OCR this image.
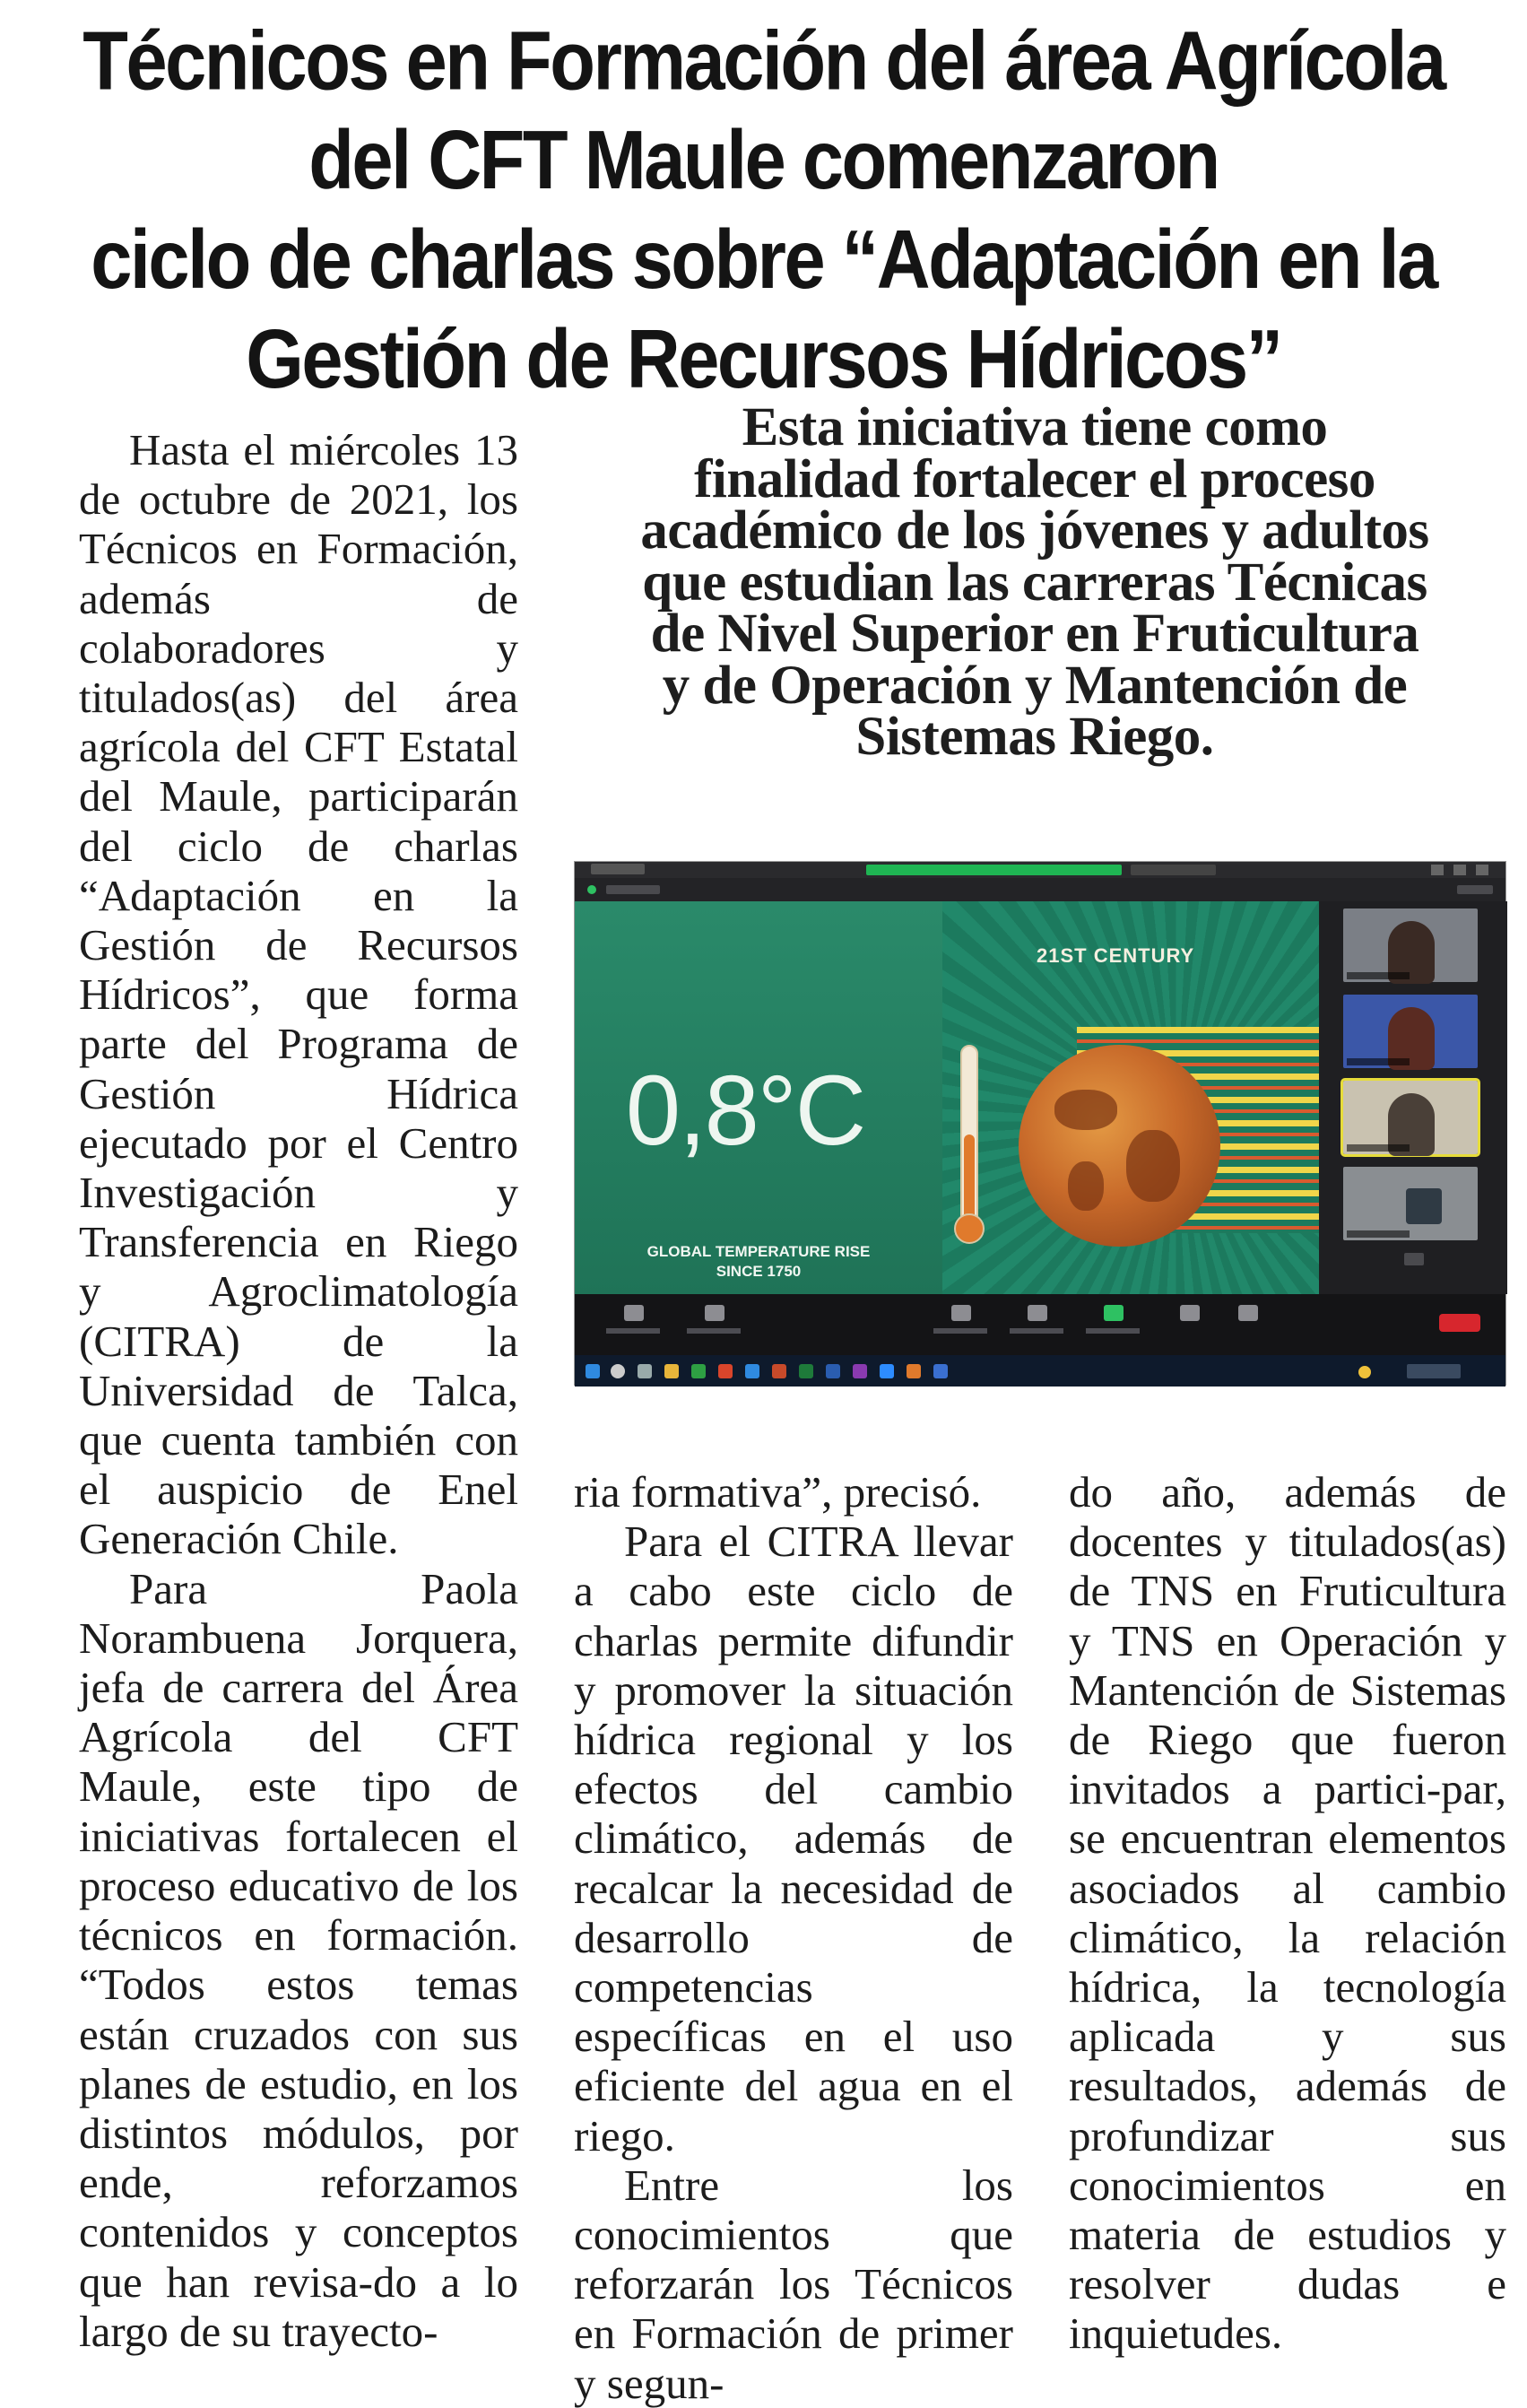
Técnicos en Formación del área Agrícola
del CFT Maule comenzaron
ciclo de charlas sobre “Adaptación en la
Gestión de Recursos Hídricos”

Hasta el miércoles 13 de octubre de 2021, los Técnicos en Formación, además de colaboradores y titulados(as) del área agrícola del CFT Estatal del Maule, participarán del ciclo de charlas “Adaptación en la Gestión de Recursos Hídricos”, que forma parte del Programa de Gestión Hídrica ejecutado por el Centro Investigación y Transferencia en Riego y Agroclimatología (CITRA) de la Universidad de Talca, que cuenta también con el auspicio de Enel Generación Chile.

Para Paola Norambuena Jorquera, jefa de carrera del Área Agrícola del CFT Maule, este tipo de iniciativas fortalecen el proceso educativo de los técnicos en formación. “Todos estos temas están cruzados con sus planes de estudio, en los distintos módulos, por ende, reforzamos contenidos y conceptos que han revisa-do a lo largo de su trayecto-

Esta iniciativa tiene como
finalidad fortalecer el proceso
académico de los jóvenes y adultos
que estudian las carreras Técnicas
de Nivel Superior en Fruticultura
y de Operación y Mantención de
Sistemas Riego.
0,8°C
GLOBAL TEMPERATURE RISE
SINCE 1750
21ST CENTURY

ria formativa”, precisó.

Para el CITRA llevar a cabo este ciclo de charlas permite difundir y promover la situación hídrica regional y los efectos del cambio climático, además de recalcar la necesidad de desarrollo de competencias específicas en el uso eficiente del agua en el riego.

Entre los conocimientos que reforzarán los Técnicos en Formación de primer y segun-

do año, además de docentes y titulados(as) de TNS en Fruticultura y TNS en Operación y Mantención de Sistemas de Riego que fueron invitados a partici-par, se encuentran elementos asociados al cambio climático, la relación hídrica, la tecnología aplicada y sus resultados, además de profundizar sus conocimientos en materia de estudios y resolver dudas e inquietudes.
